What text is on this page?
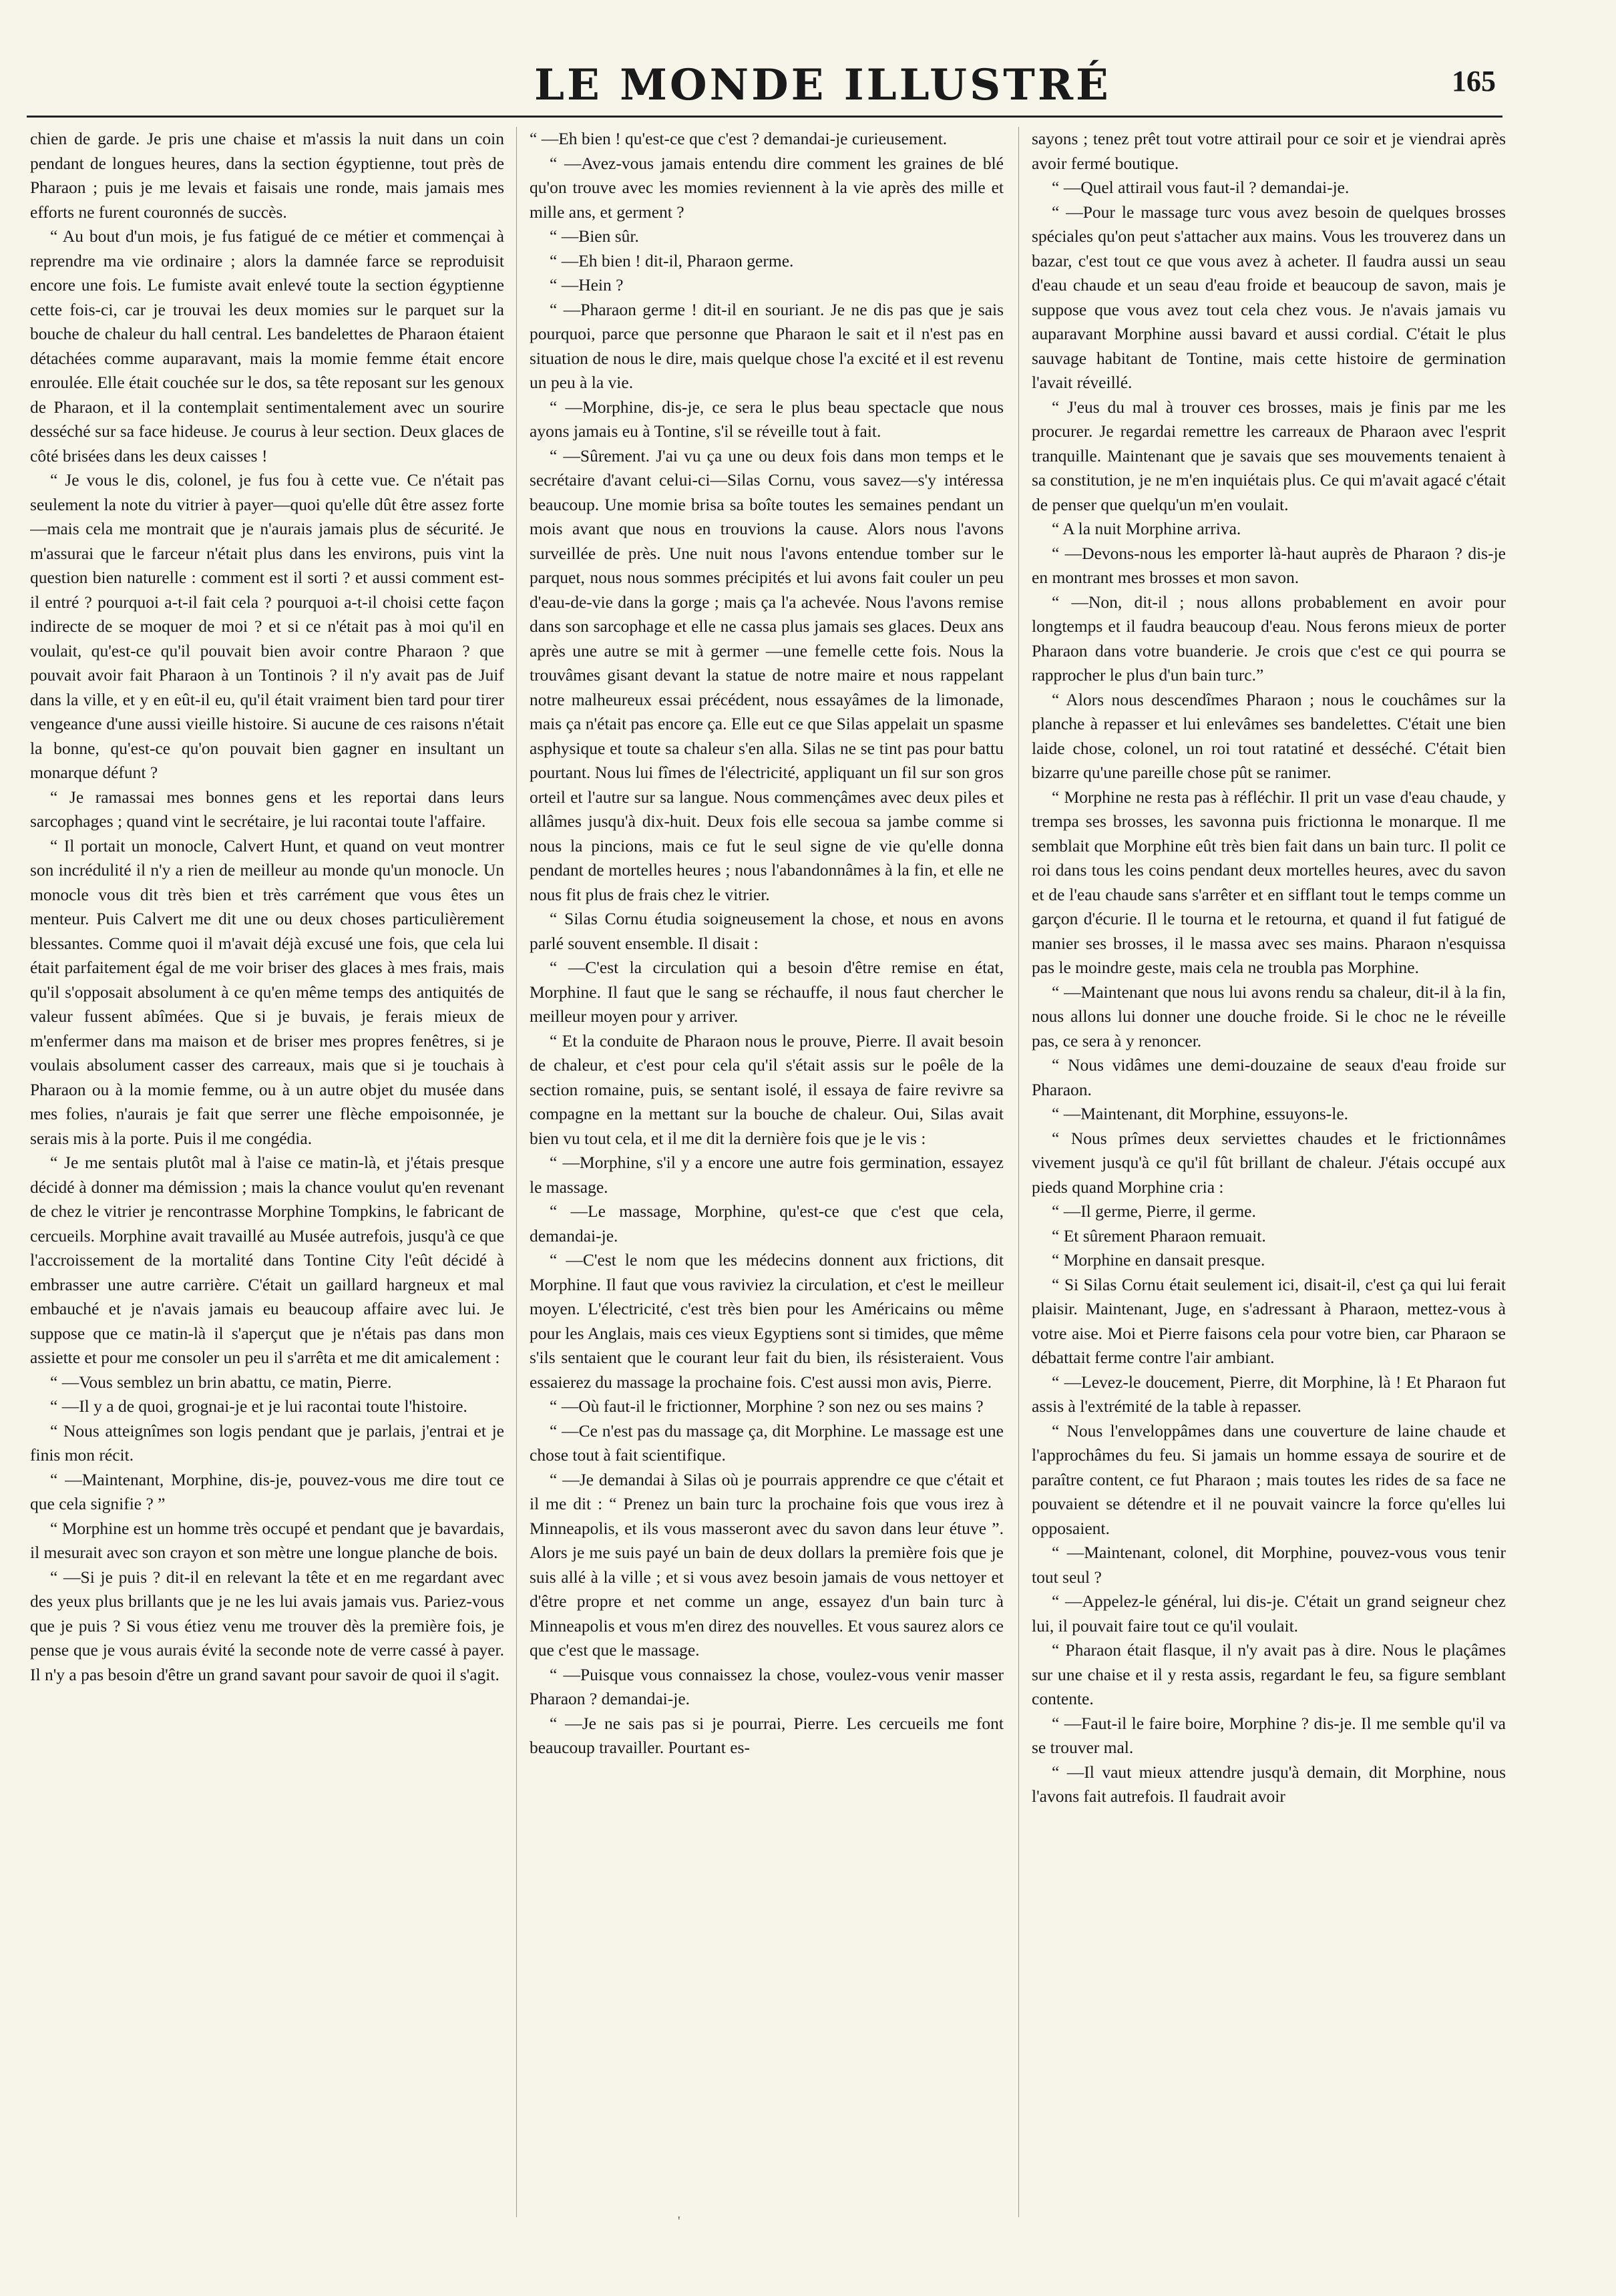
LE MONDE ILLUSTRÉ	165

chien de garde. Je pris une chaise et m'assis la nuit dans un coin pendant de longues heures, dans la section égyptienne, tout près de Pharaon ; puis je me levais et faisais une ronde, mais jamais mes efforts ne furent couronnés de succès.

“ Au bout d'un mois, je fus fatigué de ce métier et commençai à reprendre ma vie ordinaire ; alors la damnée farce se reproduisit encore une fois. Le fumiste avait enlevé toute la section égyptienne cette fois-ci, car je trouvai les deux momies sur le parquet sur la bouche de chaleur du hall central. Les bandelettes de Pharaon étaient détachées comme auparavant, mais la momie femme était encore enroulée. Elle était couchée sur le dos, sa tête reposant sur les genoux de Pharaon, et il la contemplait sentimentalement avec un sourire desséché sur sa face hideuse. Je courus à leur section. Deux glaces de côté brisées dans les deux caisses !

“ Je vous le dis, colonel, je fus fou à cette vue. Ce n'était pas seulement la note du vitrier à payer—quoi qu'elle dût être assez forte—mais cela me montrait que je n'aurais jamais plus de sécurité. Je m'assurai que le farceur n'était plus dans les environs, puis vint la question bien naturelle : comment est il sorti ? et aussi comment est-il entré ? pourquoi a-t-il fait cela ? pourquoi a-t-il choisi cette façon indirecte de se moquer de moi ? et si ce n'était pas à moi qu'il en voulait, qu'est-ce qu'il pouvait bien avoir contre Pharaon ? que pouvait avoir fait Pharaon à un Tontinois ? il n'y avait pas de Juif dans la ville, et y en eût-il eu, qu'il était vraiment bien tard pour tirer vengeance d'une aussi vieille histoire. Si aucune de ces raisons n'était la bonne, qu'est-ce qu'on pouvait bien gagner en insultant un monarque défunt ?

“ Je ramassai mes bonnes gens et les reportai dans leurs sarcophages ; quand vint le secrétaire, je lui racontai toute l'affaire.

“ Il portait un monocle, Calvert Hunt, et quand on veut montrer son incrédulité il n'y a rien de meilleur au monde qu'un monocle. Un monocle vous dit très bien et très carrément que vous êtes un menteur. Puis Calvert me dit une ou deux choses particulièrement blessantes. Comme quoi il m'avait déjà excusé une fois, que cela lui était parfaitement égal de me voir briser des glaces à mes frais, mais qu'il s'opposait absolument à ce qu'en même temps des antiquités de valeur fussent abîmées. Que si je buvais, je ferais mieux de m'enfermer dans ma maison et de briser mes propres fenêtres, si je voulais absolument casser des carreaux, mais que si je touchais à Pharaon ou à la momie femme, ou à un autre objet du musée dans mes folies, n'aurais je fait que serrer une flèche empoisonnée, je serais mis à la porte. Puis il me congédia.

“ Je me sentais plutôt mal à l'aise ce matin-là, et j'étais presque décidé à donner ma démission ; mais la chance voulut qu'en revenant de chez le vitrier je rencontrasse Morphine Tompkins, le fabricant de cercueils. Morphine avait travaillé au Musée autrefois, jusqu'à ce que l'accroissement de la mortalité dans Tontine City l'eût décidé à embrasser une autre carrière. C'était un gaillard hargneux et mal embauché et je n'avais jamais eu beaucoup affaire avec lui. Je suppose que ce matin-là il s'aperçut que je n'étais pas dans mon assiette et pour me consoler un peu il s'arrêta et me dit amicalement :

“ —Vous semblez un brin abattu, ce matin, Pierre.

“ —Il y a de quoi, grognai-je et je lui racontai toute l'histoire.

“ Nous atteignîmes son logis pendant que je parlais, j'entrai et je finis mon récit.

“ —Maintenant, Morphine, dis-je, pouvez-vous me dire tout ce que cela signifie ? ”

“ Morphine est un homme très occupé et pendant que je bavardais, il mesurait avec son crayon et son mètre une longue planche de bois.

“ —Si je puis ? dit-il en relevant la tête et en me regardant avec des yeux plus brillants que je ne les lui avais jamais vus. Pariez-vous que je puis ? Si vous étiez venu me trouver dès la première fois, je pense que je vous aurais évité la seconde note de verre cassé à payer. Il n'y a pas besoin d'être un grand savant pour savoir de quoi il s'agit.

“ —Eh bien ! qu'est-ce que c'est ? demandai-je curieusement.

“ —Avez-vous jamais entendu dire comment les graines de blé qu'on trouve avec les momies reviennent à la vie après des mille et mille ans, et germent ?

“ —Bien sûr.

“ —Eh bien ! dit-il, Pharaon germe.

“ —Hein ?

“ —Pharaon germe ! dit-il en souriant. Je ne dis pas que je sais pourquoi, parce que personne que Pharaon le sait et il n'est pas en situation de nous le dire, mais quelque chose l'a excité et il est revenu un peu à la vie.

“ —Morphine, dis-je, ce sera le plus beau spectacle que nous ayons jamais eu à Tontine, s'il se réveille tout à fait.

“ —Sûrement. J'ai vu ça une ou deux fois dans mon temps et le secrétaire d'avant celui-ci—Silas Cornu, vous savez—s'y intéressa beaucoup. Une momie brisa sa boîte toutes les semaines pendant un mois avant que nous en trouvions la cause. Alors nous l'avons surveillée de près. Une nuit nous l'avons entendue tomber sur le parquet, nous nous sommes précipités et lui avons fait couler un peu d'eau-de-vie dans la gorge ; mais ça l'a achevée. Nous l'avons remise dans son sarcophage et elle ne cassa plus jamais ses glaces. Deux ans après une autre se mit à germer —une femelle cette fois. Nous la trouvâmes gisant devant la statue de notre maire et nous rappelant notre malheureux essai précédent, nous essayâmes de la limonade, mais ça n'était pas encore ça. Elle eut ce que Silas appelait un spasme asphysique et toute sa chaleur s'en alla. Silas ne se tint pas pour battu pourtant. Nous lui fîmes de l'électricité, appliquant un fil sur son gros orteil et l'autre sur sa langue. Nous commençâmes avec deux piles et allâmes jusqu'à dix-huit. Deux fois elle secoua sa jambe comme si nous la pincions, mais ce fut le seul signe de vie qu'elle donna pendant de mortelles heures ; nous l'abandonnâmes à la fin, et elle ne nous fit plus de frais chez le vitrier.

“ Silas Cornu étudia soigneusement la chose, et nous en avons parlé souvent ensemble. Il disait :

“ —C'est la circulation qui a besoin d'être remise en état, Morphine. Il faut que le sang se réchauffe, il nous faut chercher le meilleur moyen pour y arriver.

“ Et la conduite de Pharaon nous le prouve, Pierre. Il avait besoin de chaleur, et c'est pour cela qu'il s'était assis sur le poêle de la section romaine, puis, se sentant isolé, il essaya de faire revivre sa compagne en la mettant sur la bouche de chaleur. Oui, Silas avait bien vu tout cela, et il me dit la dernière fois que je le vis :

“ —Morphine, s'il y a encore une autre fois germination, essayez le massage.

“ —Le massage, Morphine, qu'est-ce que c'est que cela, demandai-je.

“ —C'est le nom que les médecins donnent aux frictions, dit Morphine. Il faut que vous raviviez la circulation, et c'est le meilleur moyen. L'électricité, c'est très bien pour les Américains ou même pour les Anglais, mais ces vieux Egyptiens sont si timides, que même s'ils sentaient que le courant leur fait du bien, ils résisteraient. Vous essaierez du massage la prochaine fois. C'est aussi mon avis, Pierre.

“ —Où faut-il le frictionner, Morphine ? son nez ou ses mains ?

“ —Ce n'est pas du massage ça, dit Morphine. Le massage est une chose tout à fait scientifique.

“ —Je demandai à Silas où je pourrais apprendre ce que c'était et il me dit : “ Prenez un bain turc la prochaine fois que vous irez à Minneapolis, et ils vous masseront avec du savon dans leur étuve ”. Alors je me suis payé un bain de deux dollars la première fois que je suis allé à la ville ; et si vous avez besoin jamais de vous nettoyer et d'être propre et net comme un ange, essayez d'un bain turc à Minneapolis et vous m'en direz des nouvelles. Et vous saurez alors ce que c'est que le massage.

“ —Puisque vous connaissez la chose, voulez-vous venir masser Pharaon ? demandai-je.

“ —Je ne sais pas si je pourrai, Pierre. Les cercueils me font beaucoup travailler. Pourtant es-

sayons ; tenez prêt tout votre attirail pour ce soir et je viendrai après avoir fermé boutique.

“ —Quel attirail vous faut-il ? demandai-je.

“ —Pour le massage turc vous avez besoin de quelques brosses spéciales qu'on peut s'attacher aux mains. Vous les trouverez dans un bazar, c'est tout ce que vous avez à acheter. Il faudra aussi un seau d'eau chaude et un seau d'eau froide et beaucoup de savon, mais je suppose que vous avez tout cela chez vous. Je n'avais jamais vu auparavant Morphine aussi bavard et aussi cordial. C'était le plus sauvage habitant de Tontine, mais cette histoire de germination l'avait réveillé.

“ J'eus du mal à trouver ces brosses, mais je finis par me les procurer. Je regardai remettre les carreaux de Pharaon avec l'esprit tranquille. Maintenant que je savais que ses mouvements tenaient à sa constitution, je ne m'en inquiétais plus. Ce qui m'avait agacé c'était de penser que quelqu'un m'en voulait.

“ A la nuit Morphine arriva.

“ —Devons-nous les emporter là-haut auprès de Pharaon ? dis-je en montrant mes brosses et mon savon.

“ —Non, dit-il ; nous allons probablement en avoir pour longtemps et il faudra beaucoup d'eau. Nous ferons mieux de porter Pharaon dans votre buanderie. Je crois que c'est ce qui pourra se rapprocher le plus d'un bain turc.”

“ Alors nous descendîmes Pharaon ; nous le couchâmes sur la planche à repasser et lui enlevâmes ses bandelettes. C'était une bien laide chose, colonel, un roi tout ratatiné et desséché. C'était bien bizarre qu'une pareille chose pût se ranimer.

“ Morphine ne resta pas à réfléchir. Il prit un vase d'eau chaude, y trempa ses brosses, les savonna puis frictionna le monarque. Il me semblait que Morphine eût très bien fait dans un bain turc. Il polit ce roi dans tous les coins pendant deux mortelles heures, avec du savon et de l'eau chaude sans s'arrêter et en sifflant tout le temps comme un garçon d'écurie. Il le tourna et le retourna, et quand il fut fatigué de manier ses brosses, il le massa avec ses mains. Pharaon n'esquissa pas le moindre geste, mais cela ne troubla pas Morphine.

“ —Maintenant que nous lui avons rendu sa chaleur, dit-il à la fin, nous allons lui donner une douche froide. Si le choc ne le réveille pas, ce sera à y renoncer.

“ Nous vidâmes une demi-douzaine de seaux d'eau froide sur Pharaon.

“ —Maintenant, dit Morphine, essuyons-le.

“ Nous prîmes deux serviettes chaudes et le frictionnâmes vivement jusqu'à ce qu'il fût brillant de chaleur. J'étais occupé aux pieds quand Morphine cria :

“ —Il germe, Pierre, il germe.

“ Et sûrement Pharaon remuait.

“ Morphine en dansait presque.

“ Si Silas Cornu était seulement ici, disait-il, c'est ça qui lui ferait plaisir. Maintenant, Juge, en s'adressant à Pharaon, mettez-vous à votre aise. Moi et Pierre faisons cela pour votre bien, car Pharaon se débattait ferme contre l'air ambiant.

“ —Levez-le doucement, Pierre, dit Morphine, là ! Et Pharaon fut assis à l'extrémité de la table à repasser.

“ Nous l'enveloppâmes dans une couverture de laine chaude et l'approchâmes du feu. Si jamais un homme essaya de sourire et de paraître content, ce fut Pharaon ; mais toutes les rides de sa face ne pouvaient se détendre et il ne pouvait vaincre la force qu'elles lui opposaient.

“ —Maintenant, colonel, dit Morphine, pouvez-vous vous tenir tout seul ?

“ —Appelez-le général, lui dis-je. C'était un grand seigneur chez lui, il pouvait faire tout ce qu'il voulait.

“ Pharaon était flasque, il n'y avait pas à dire. Nous le plaçâmes sur une chaise et il y resta assis, regardant le feu, sa figure semblant contente.

“ —Faut-il le faire boire, Morphine ? dis-je. Il me semble qu'il va se trouver mal.

“ —Il vaut mieux attendre jusqu'à demain, dit Morphine, nous l'avons fait autrefois. Il faudrait avoir

'
